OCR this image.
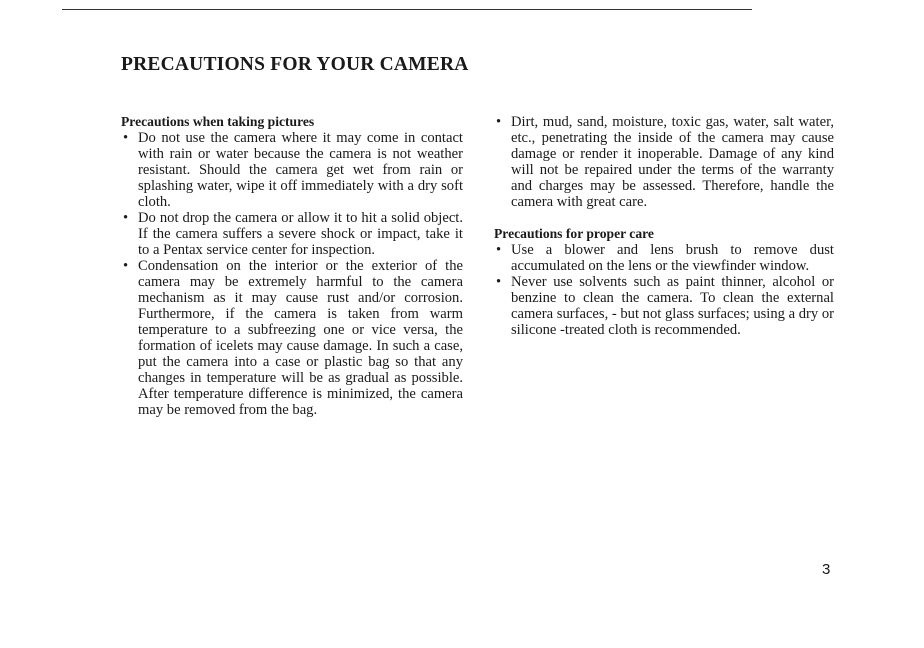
PRECAUTIONS FOR YOUR CAMERA

Precautions when taking pictures

• Do not use the camera where it may come in contact with rain or water because the camera is not weather resistant. Should the camera get wet from rain or splashing water, wipe it off immediately with a dry soft cloth.
• Do not drop the camera or allow it to hit a solid object. If the camera suffers a severe shock or impact, take it to a Pentax service center for inspection.
• Condensation on the interior or the exterior of the camera may be extremely harmful to the camera mechanism as it may cause rust and/or corrosion. Furthermore, if the camera is taken from warm temperature to a subfreezing one or vice versa, the formation of icelets may cause damage. In such a case, put the camera into a case or plastic bag so that any changes in temperature will be as gradual as possible. After temperature difference is minimized, the camera may be removed from the bag.
• Dirt, mud, sand, moisture, toxic gas, water, salt water, etc., penetrating the inside of the camera may cause damage or render it inoperable. Damage of any kind will not be repaired under the terms of the warranty and charges may be assessed. Therefore, handle the camera with great care.

Precautions for proper care

• Use a blower and lens brush to remove dust accumulated on the lens or the viewfinder window.
• Never use solvents such as paint thinner, alcohol or benzine to clean the camera. To clean the external camera surfaces, - but not glass surfaces; using a dry or silicone -treated cloth is recommended.
3
